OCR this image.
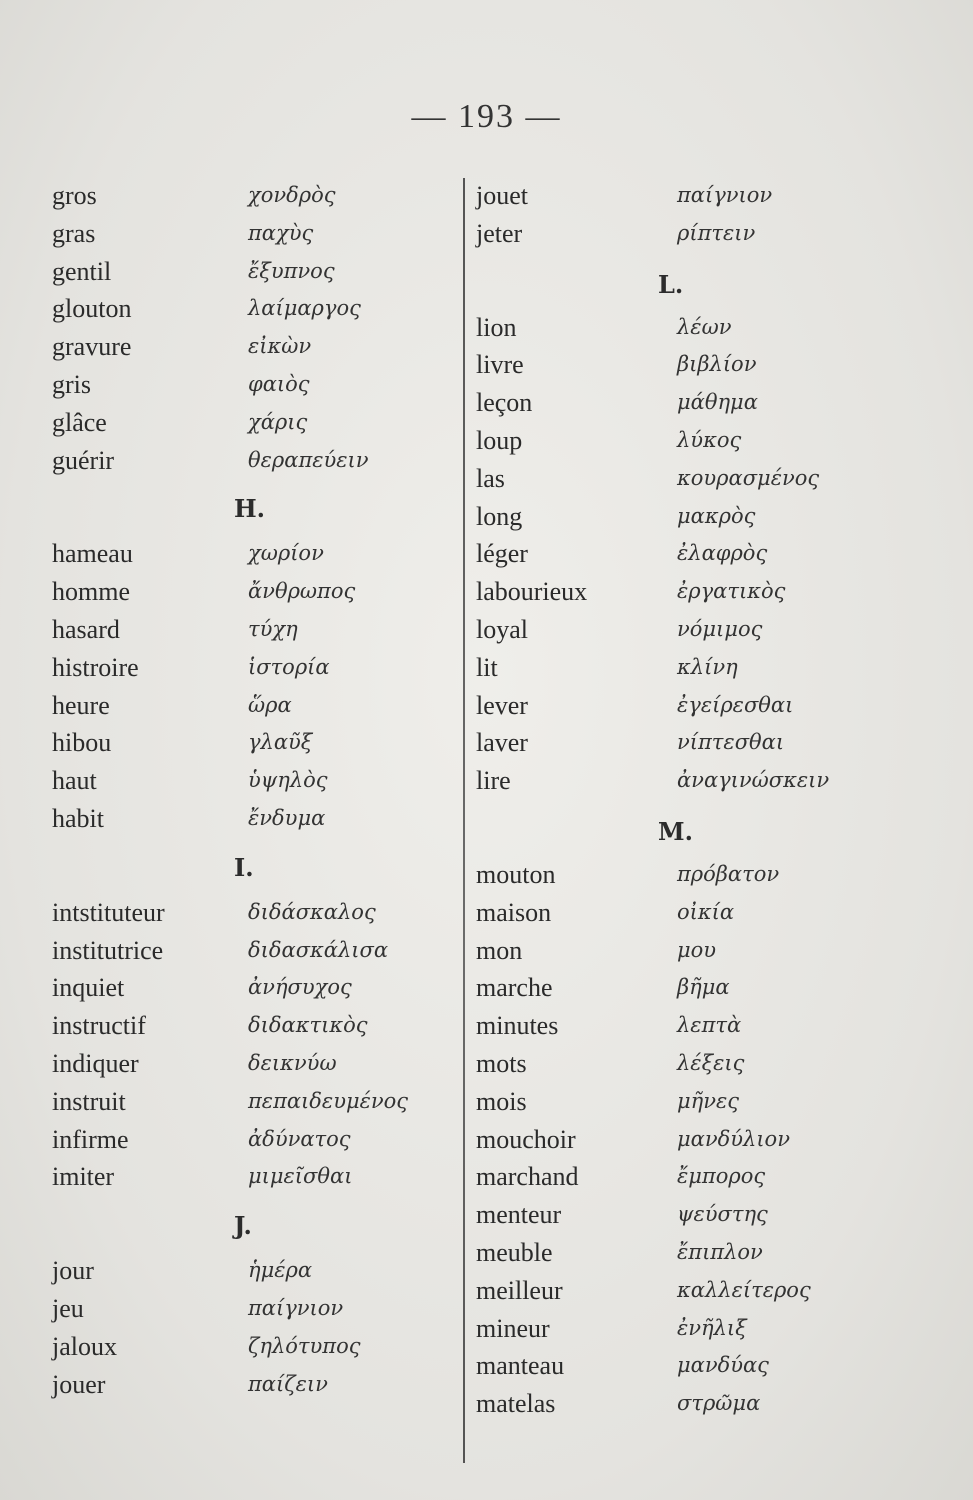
— 193 —
gros	χονδρὸς
gras	παχὺς
gentil	ἔξυπνος
glouton	λαίμαργος
gravure	εἰκὼν
gris	φαιὸς
glâce	χάρις
guérir	θεραπεύειν
H.
hameau	χωρίον
homme	ἄνθρωπος
hasard	τύχη
histroire	ἱστορία
heure	ὥρα
hibou	γλαῦξ
haut	ὑψηλὸς
habit	ἔνδυμα
I.
intstituteur	διδάσκαλος
institutrice	διδασκάλισα
inquiet	ἀνήσυχος
instructif	διδακτικὸς
indiquer	δεικνύω
instruit	πεπαιδευμένος
infirme	ἀδύνατος
imiter	μιμεῖσθαι
J.
jour	ἡμέρα
jeu	παίγνιον
jaloux	ζηλότυπος
jouer	παίζειν
jouet	παίγνιον
jeter	ρίπτειν
L.
lion	λέων
livre	βιβλίον
leçon	μάθημα
loup	λύκος
las	κουρασμένος
long	μακρὸς
léger	ἐλαφρὸς
labourieux	ἐργατικὸς
loyal	νόμιμος
lit	κλίνη
lever	ἐγείρεσθαι
laver	νίπτεσθαι
lire	ἀναγινώσκειν
M.
mouton	πρόβατον
maison	οἰκία
mon	μου
marche	βῆμα
minutes	λεπτὰ
mots	λέξεις
mois	μῆνες
mouchoir	μανδύλιον
marchand	ἔμπορος
menteur	ψεύστης
meuble	ἔπιπλον
meilleur	καλλείτερος
mineur	ἐνῆλιξ
manteau	μανδύας
matelas	στρῶμα
